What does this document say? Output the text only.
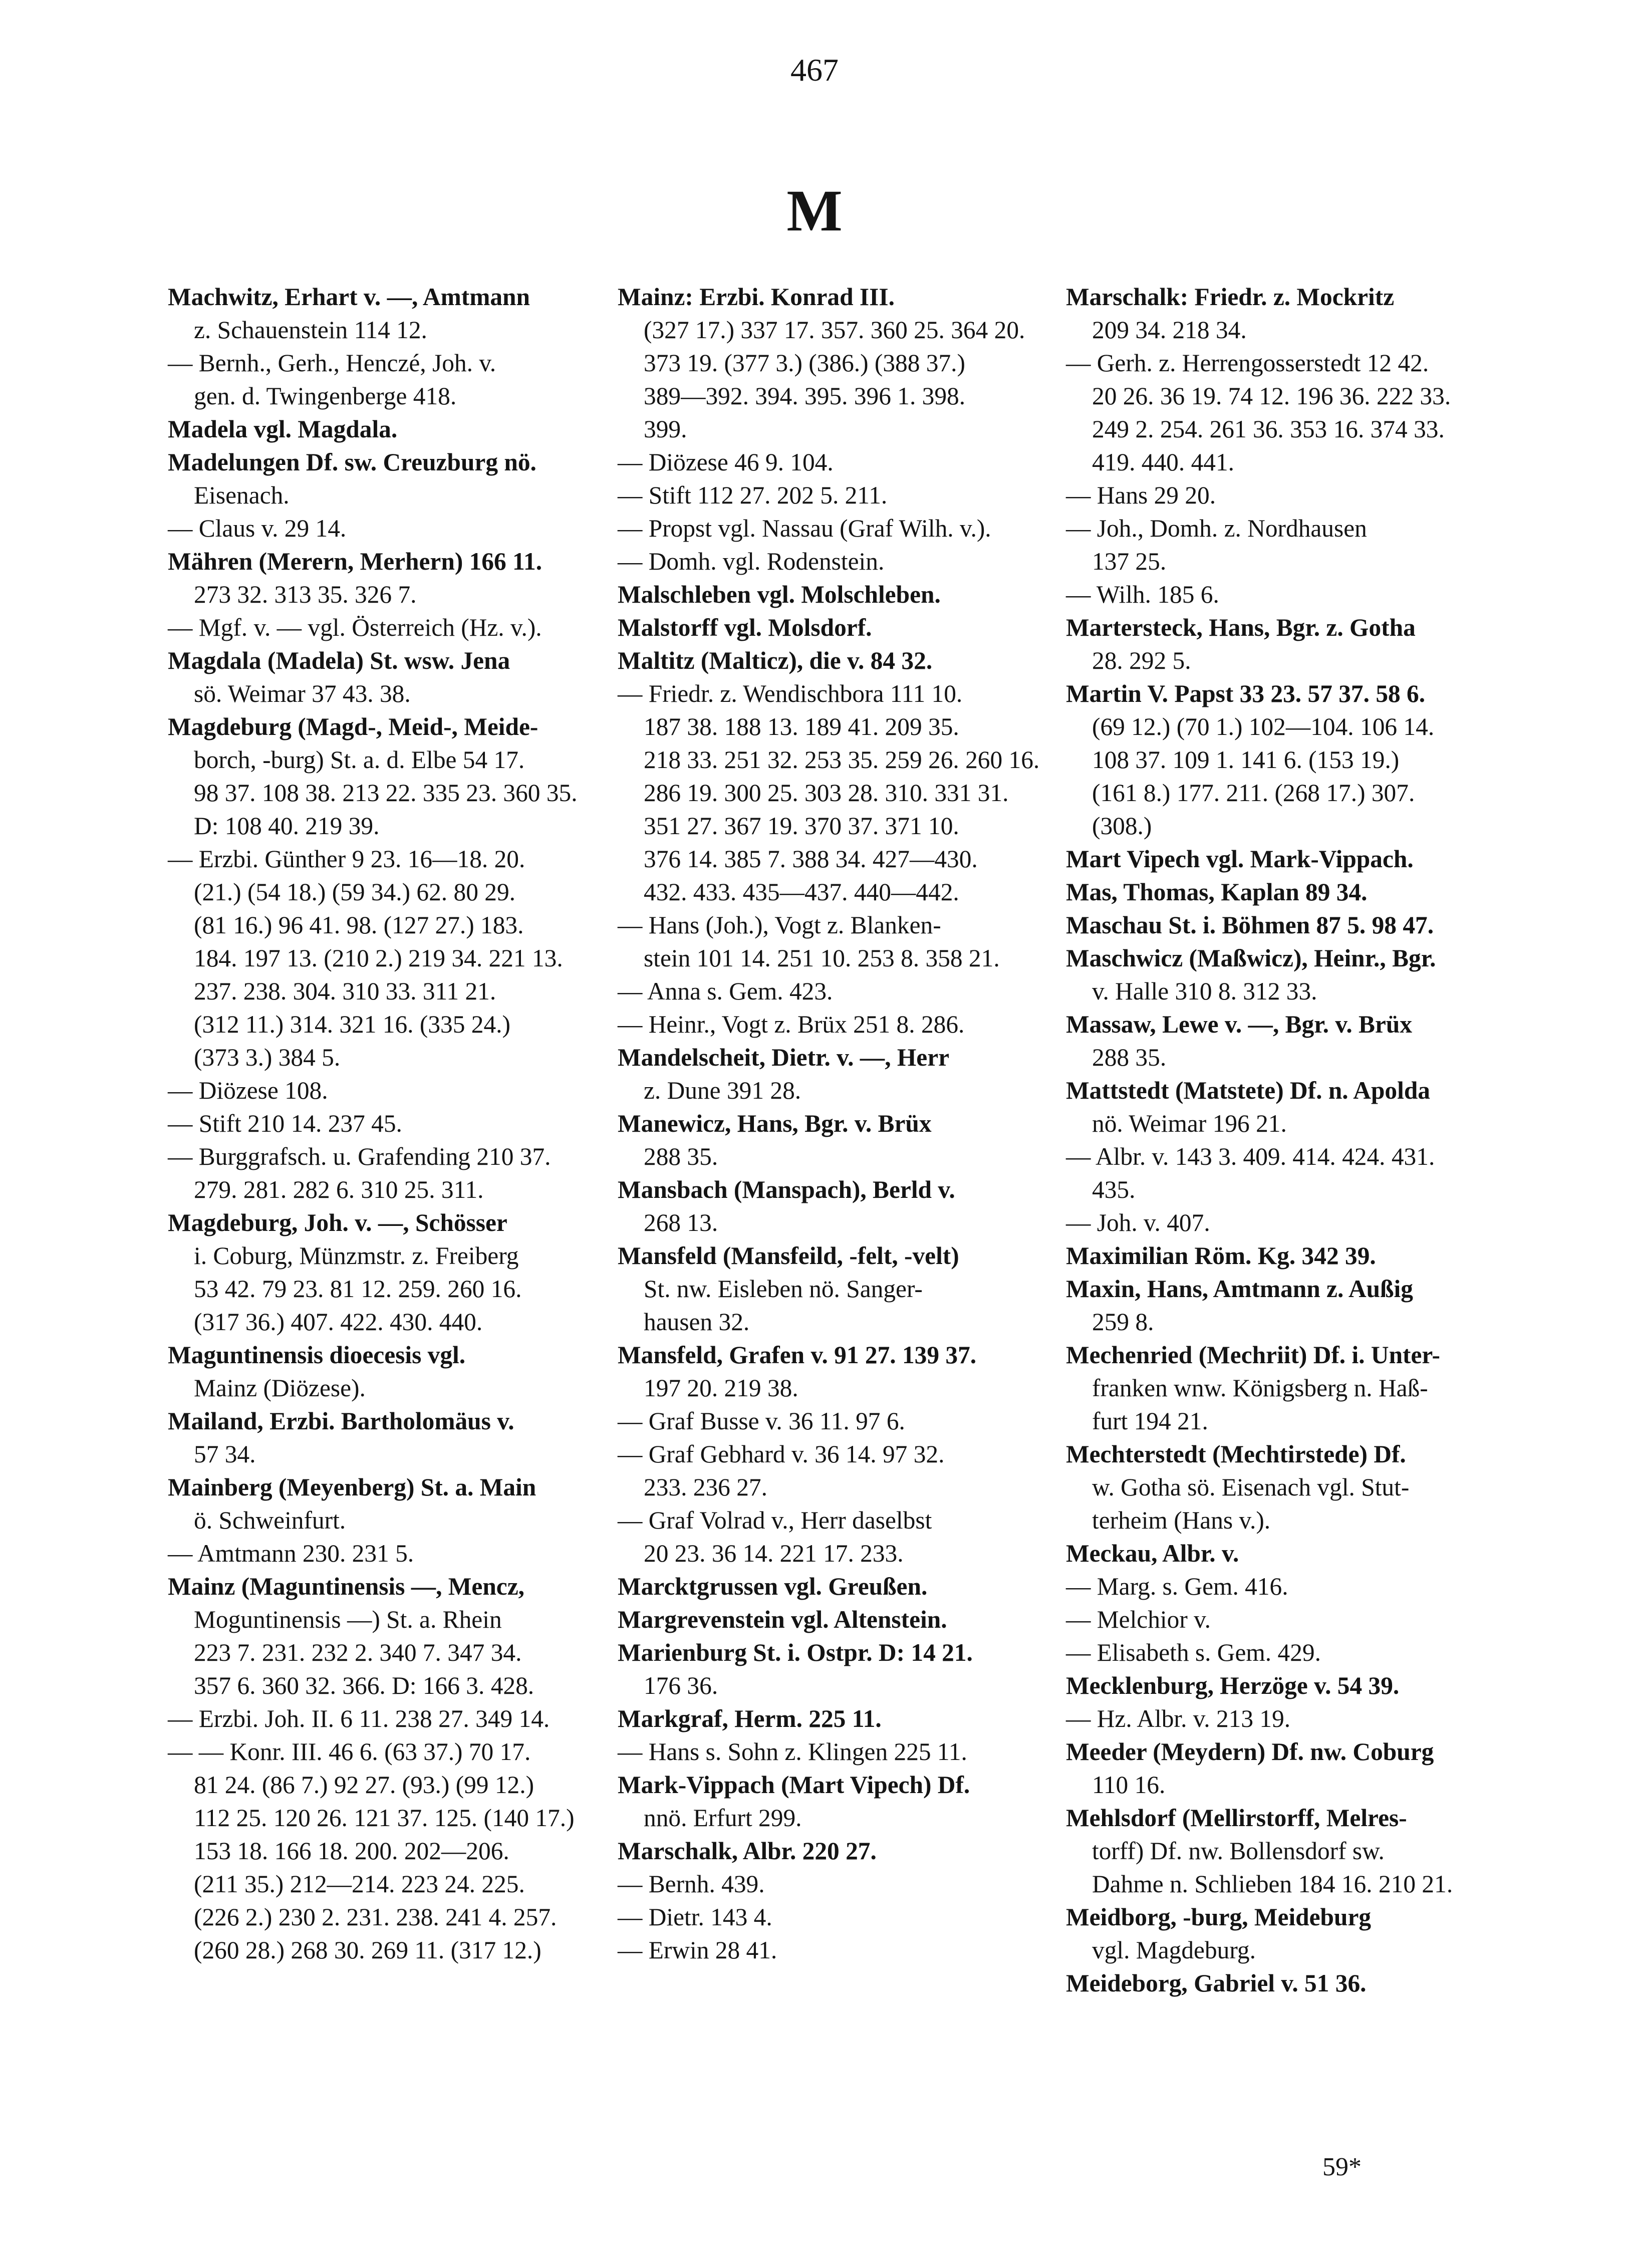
467
M

Machwitz, Erhart v. —, Amtmann
z. Schauenstein 114 12.

— Bernh., Gerh., Henczé, Joh. v.
gen. d. Twingenberge 418.

Madela vgl. Magdala.

Madelungen Df. sw. Creuzburg nö.
Eisenach.

— Claus v. 29 14.

Mähren (Merern, Merhern) 166 11.
273 32. 313 35. 326 7.

— Mgf. v. — vgl. Österreich (Hz. v.).

Magdala (Madela) St. wsw. Jena
sö. Weimar 37 43. 38.

Magdeburg (Magd-, Meid-, Meide-
borch, -burg) St. a. d. Elbe 54 17.
98 37. 108 38. 213 22. 335 23. 360 35.
D: 108 40. 219 39.

— Erzbi. Günther 9 23. 16—18. 20.
(21.) (54 18.) (59 34.) 62. 80 29.
(81 16.) 96 41. 98. (127 27.) 183.
184. 197 13. (210 2.) 219 34. 221 13.
237. 238. 304. 310 33. 311 21.
(312 11.) 314. 321 16. (335 24.)
(373 3.) 384 5.

— Diözese 108.

— Stift 210 14. 237 45.

— Burggrafsch. u. Grafending 210 37.
279. 281. 282 6. 310 25. 311.

Magdeburg, Joh. v. —, Schösser
i. Coburg, Münzmstr. z. Freiberg
53 42. 79 23. 81 12. 259. 260 16.
(317 36.) 407. 422. 430. 440.

Maguntinensis dioecesis vgl.
Mainz (Diözese).

Mailand, Erzbi. Bartholomäus v.
57 34.

Mainberg (Meyenberg) St. a. Main
ö. Schweinfurt.

— Amtmann 230. 231 5.

Mainz (Maguntinensis —, Mencz,
Moguntinensis —) St. a. Rhein
223 7. 231. 232 2. 340 7. 347 34.
357 6. 360 32. 366. D: 166 3. 428.

— Erzbi. Joh. II. 6 11. 238 27. 349 14.

— — Konr. III. 46 6. (63 37.) 70 17.
81 24. (86 7.) 92 27. (93.) (99 12.)
112 25. 120 26. 121 37. 125. (140 17.)
153 18. 166 18. 200. 202—206.
(211 35.) 212—214. 223 24. 225.
(226 2.) 230 2. 231. 238. 241 4. 257.
(260 28.) 268 30. 269 11. (317 12.)

Mainz: Erzbi. Konrad III.
(327 17.) 337 17. 357. 360 25. 364 20.
373 19. (377 3.) (386.) (388 37.)
389—392. 394. 395. 396 1. 398.
399.

— Diözese 46 9. 104.

— Stift 112 27. 202 5. 211.

— Propst vgl. Nassau (Graf Wilh. v.).

— Domh. vgl. Rodenstein.

Malschleben vgl. Molschleben.

Malstorff vgl. Molsdorf.

Maltitz (Malticz), die v. 84 32.

— Friedr. z. Wendischbora 111 10.
187 38. 188 13. 189 41. 209 35.
218 33. 251 32. 253 35. 259 26. 260 16.
286 19. 300 25. 303 28. 310. 331 31.
351 27. 367 19. 370 37. 371 10.
376 14. 385 7. 388 34. 427—430.
432. 433. 435—437. 440—442.

— Hans (Joh.), Vogt z. Blanken-
stein 101 14. 251 10. 253 8. 358 21.

— Anna s. Gem. 423.

— Heinr., Vogt z. Brüx 251 8. 286.

Mandelscheit, Dietr. v. —, Herr
z. Dune 391 28.

Manewicz, Hans, Bgr. v. Brüx
288 35.

Mansbach (Manspach), Berld v.
268 13.

Mansfeld (Mansfeild, -felt, -velt)
St. nw. Eisleben nö. Sanger-
hausen 32.

Mansfeld, Grafen v. 91 27. 139 37.
197 20. 219 38.

— Graf Busse v. 36 11. 97 6.

— Graf Gebhard v. 36 14. 97 32.
233. 236 27.

— Graf Volrad v., Herr daselbst
20 23. 36 14. 221 17. 233.

Marcktgrussen vgl. Greußen.

Margrevenstein vgl. Altenstein.

Marienburg St. i. Ostpr. D: 14 21.
176 36.

Markgraf, Herm. 225 11.

— Hans s. Sohn z. Klingen 225 11.

Mark-Vippach (Mart Vipech) Df.
nnö. Erfurt 299.

Marschalk, Albr. 220 27.

— Bernh. 439.

— Dietr. 143 4.

— Erwin 28 41.

Marschalk: Friedr. z. Mockritz
209 34. 218 34.

— Gerh. z. Herrengosserstedt 12 42.
20 26. 36 19. 74 12. 196 36. 222 33.
249 2. 254. 261 36. 353 16. 374 33.
419. 440. 441.

— Hans 29 20.

— Joh., Domh. z. Nordhausen
137 25.

— Wilh. 185 6.

Martersteck, Hans, Bgr. z. Gotha
28. 292 5.

Martin V. Papst 33 23. 57 37. 58 6.
(69 12.) (70 1.) 102—104. 106 14.
108 37. 109 1. 141 6. (153 19.)
(161 8.) 177. 211. (268 17.) 307.
(308.)

Mart Vipech vgl. Mark-Vippach.

Mas, Thomas, Kaplan 89 34.

Maschau St. i. Böhmen 87 5. 98 47.

Maschwicz (Maßwicz), Heinr., Bgr.
v. Halle 310 8. 312 33.

Massaw, Lewe v. —, Bgr. v. Brüx
288 35.

Mattstedt (Matstete) Df. n. Apolda
nö. Weimar 196 21.

— Albr. v. 143 3. 409. 414. 424. 431.
435.

— Joh. v. 407.

Maximilian Röm. Kg. 342 39.

Maxin, Hans, Amtmann z. Außig
259 8.

Mechenried (Mechriit) Df. i. Unter-
franken wnw. Königsberg n. Haß-
furt 194 21.

Mechterstedt (Mechtirstede) Df.
w. Gotha sö. Eisenach vgl. Stut-
terheim (Hans v.).

Meckau, Albr. v.

— Marg. s. Gem. 416.

— Melchior v.

— Elisabeth s. Gem. 429.

Mecklenburg, Herzöge v. 54 39.

— Hz. Albr. v. 213 19.

Meeder (Meydern) Df. nw. Coburg
110 16.

Mehlsdorf (Mellirstorff, Melres-
torff) Df. nw. Bollensdorf sw.
Dahme n. Schlieben 184 16. 210 21.

Meidborg, -burg, Meideburg
vgl. Magdeburg.

Meideborg, Gabriel v. 51 36.

59*
